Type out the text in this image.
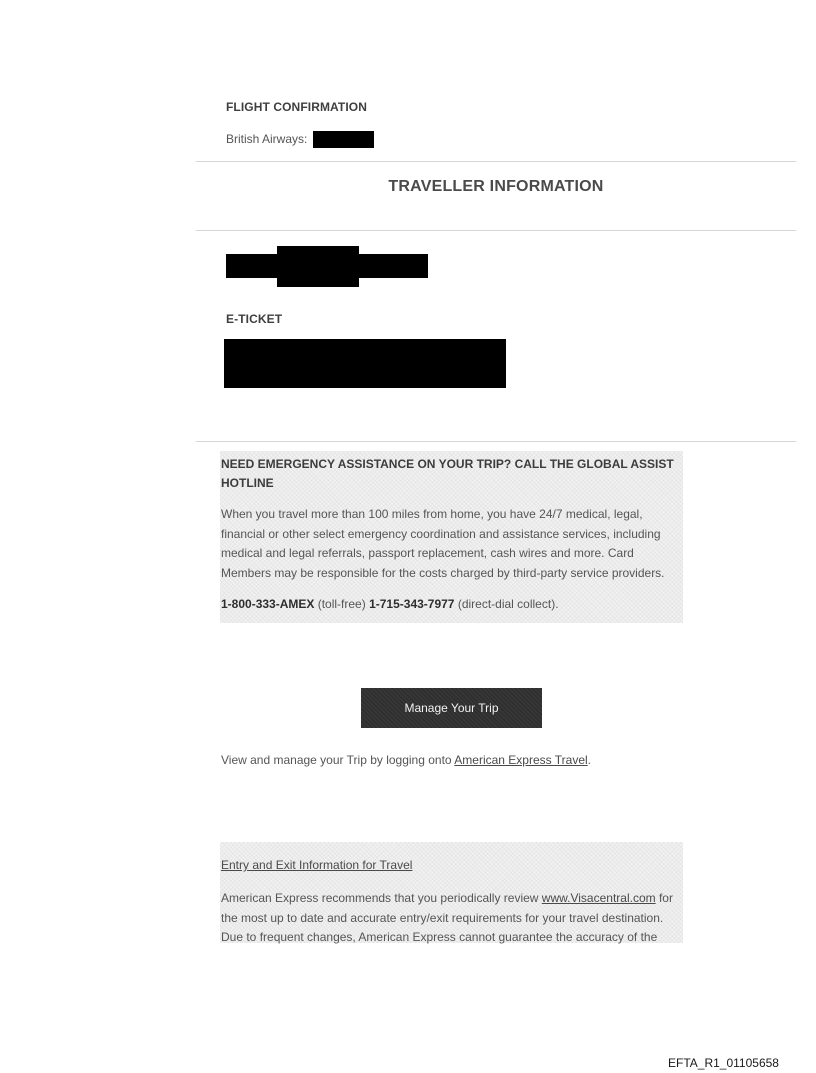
FLIGHT CONFIRMATION
British Airways:
TRAVELLER INFORMATION
E-TICKET
NEED EMERGENCY ASSISTANCE ON YOUR TRIP? CALL THE GLOBAL ASSIST
HOTLINE
When you travel more than 100 miles from home, you have 24/7 medical, legal,
financial or other select emergency coordination and assistance services, including
medical and legal referrals, passport replacement, cash wires and more. Card
Members may be responsible for the costs charged by third-party service providers.
1-800-333-AMEX (toll-free) 1-715-343-7977 (direct-dial collect).
Manage Your Trip
View and manage your Trip by logging onto American Express Travel.
Entry and Exit Information for Travel
American Express recommends that you periodically review www.Visacentral.com for
the most up to date and accurate entry/exit requirements for your travel destination.
Due to frequent changes, American Express cannot guarantee the accuracy of the
EFTA_R1_01105658
